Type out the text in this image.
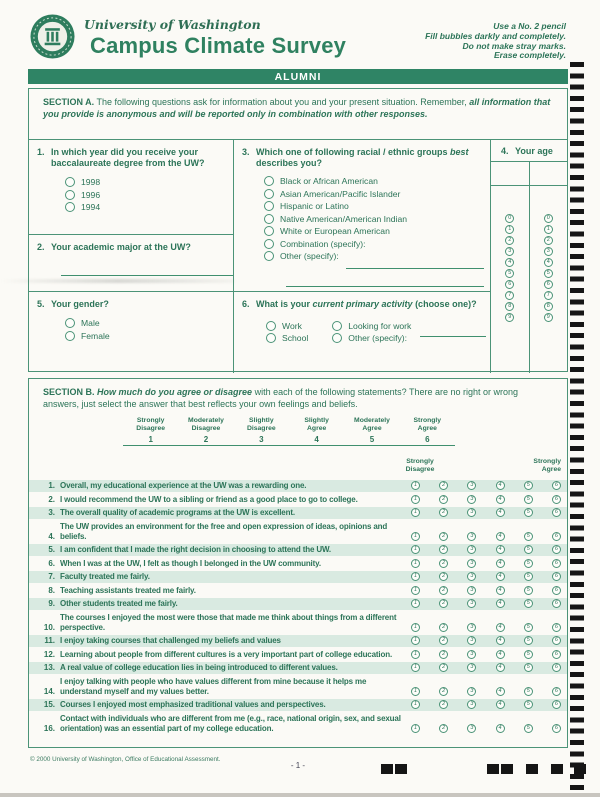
University of Washington
Campus Climate Survey
Use a No. 2 pencil
Fill bubbles darkly and completely.
Do not make stray marks.
Erase completely.
ALUMNI

SECTION A. The following questions ask for information about you and your present situation. Remember, all information that you provide is anonymous and will be reported only in combination with other responses.

1. In which year did you receive your baccalaureate degree from the UW?
1998
1996
1994
2. Your academic major at the UW?
5. Your gender?
Male
Female
3. Which one of following racial / ethnic groups best describes you?
Black or African American
Asian American/Pacific Islander
Hispanic or Latino
Native American/American Indian
White or European American
Combination (specify):
Other (specify):
6. What is your current primary activity (choose one)?
Work
School
Looking for work
Other (specify):
4. Your age
0
1
2
3
4
5
6
7
8
9
0
1
2
3
4
5
6
7
8
9

SECTION B. How much do you agree or disagree with each of the following statements? There are no right or wrong answers, just select the answer that best reflects your own feelings and beliefs.

Strongly
Disagree
1
Moderately
Disagree
2
Slightly
Disagree
3
Slightly
Agree
4
Moderately
Agree
5
Strongly
Agree
6
Strongly
Disagree
Strongly
Agree
1. Overall, my educational experience at the UW was a rewarding one.	1	2	3	4	5	6
2. I would recommend the UW to a sibling or friend as a good place to go to college.	1	2	3	4	5	6
3. The overall quality of academic programs at the UW is excellent.	1	2	3	4	5	6
4.
The UW provides an environment for the free and open expression of ideas, opinions and beliefs.	1	2	3	4	5	6
5. I am confident that I made the right decision in choosing to attend the UW.	1	2	3	4	5	6
6. When I was at the UW, I felt as though I belonged in the UW community.	1	2	3	4	5	6
7. Faculty treated me fairly.	1	2	3	4	5	6
8. Teaching assistants treated me fairly.	1	2	3	4	5	6
9. Other students treated me fairly.	1	2	3	4	5	6
10.
The courses I enjoyed the most were those that made me think about things from a different perspective.	1	2	3	4	5	6
11. I enjoy taking courses that challenged my beliefs and values	1	2	3	4	5	6
12. Learning about people from different cultures is a very important part of college education.	1	2	3	4	5	6
13. A real value of college education lies in being introduced to different values.	1	2	3	4	5	6
14.
I enjoy talking with people who have values different from mine because it helps me understand myself and my values better.	1	2	3	4	5	6
15. Courses I enjoyed most emphasized traditional values and perspectives.	1	2	3	4	5	6
16.
Contact with individuals who are different from me (e.g., race, national origin, sex, and sexual orientation) was an essential part of my college education.	1	2	3	4	5	6
© 2000 University of Washington, Office of Educational Assessment.
- 1 -
